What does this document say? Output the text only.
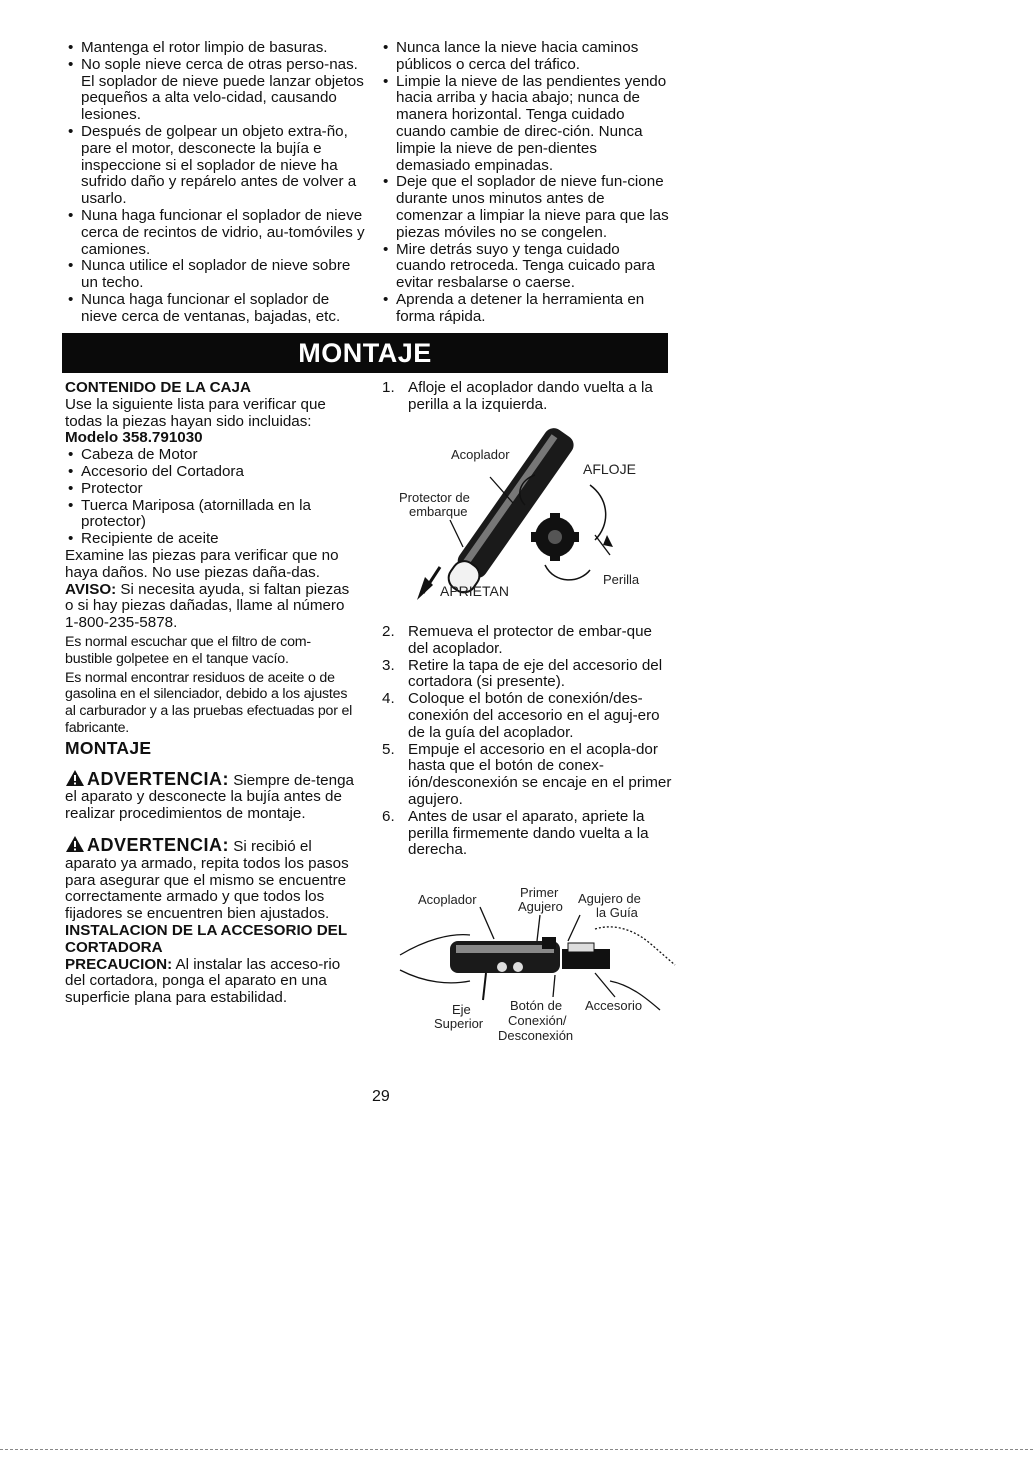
• Mantenga el rotor limpio de basuras.
• No sople nieve cerca de otras perso-nas. El soplador de nieve puede lanzar objetos pequeños a alta velo-cidad, causando lesiones.
• Después de golpear un objeto extra-ño, pare el motor, desconecte la bujía e inspeccione si el soplador de nieve ha sufrido daño y repárelo antes de volver a usarlo.
• Nuna haga funcionar el soplador de nieve cerca de recintos de vidrio, au-tomóviles y camiones.
• Nunca utilice el soplador de nieve sobre un techo.
• Nunca haga funcionar el soplador de nieve cerca de ventanas, bajadas, etc.
• Nunca lance la nieve hacia caminos públicos o cerca del tráfico.
• Limpie la nieve de las pendientes yendo hacia arriba y hacia abajo; nunca de manera horizontal. Tenga cuidado cuando cambie de direc-ción. Nunca limpie la nieve de pen-dientes demasiado empinadas.
• Deje que el soplador de nieve fun-cione durante unos minutos antes de comenzar a limpiar la nieve para que las piezas móviles no se congelen.
• Mire detrás suyo y tenga cuidado cuando retroceda. Tenga cuicado para evitar resbalarse o caerse.
• Aprenda a detener la herramienta en forma rápida.
MONTAJE
CONTENIDO DE LA CAJA

Use la siguiente lista para verificar que todas la piezas hayan sido incluidas:

Modelo 358.791030
• Cabeza de Motor
• Accesorio del Cortadora
• Protector
• Tuerca Mariposa (atornillada en la protector)
• Recipiente de aceite

Examine las piezas para verificar que no haya daños. No use piezas daña-das.

AVISO: Si necesita ayuda, si faltan piezas o si hay piezas dañadas, llame al número 1-800-235-5878.

Es normal escuchar que el filtro de com-bustible golpetee en el tanque vacío.

Es normal encontrar residuos de aceite o de gasolina en el silenciador, debido a los ajustes al carburador y a las pruebas efectuadas por el fabricante.

MONTAJE
ADVERTENCIA: Siempre de-tenga el aparato y desconecte la bujía antes de realizar procedimientos de montaje.
ADVERTENCIA: Si recibió el aparato ya armado, repita todos los pasos para asegurar que el mismo se encuentre correctamente armado y que todos los fijadores se encuentren bien ajustados.
INSTALACION DE LA ACCESORIO DEL CORTADORA

PRECAUCION: Al instalar las acceso-rio del cortadora, ponga el aparato en una superficie plana para estabilidad.

1. Afloje el acoplador dando vuelta a la perilla a la izquierda.
Acoplador
AFLOJE
Protector de
embarque
Perilla
APRIETAN
2. Remueva el protector de embar-que del acoplador.
3. Retire la tapa de eje del accesorio del cortadora (si presente).
4. Coloque el botón de conexión/des-conexión del accesorio en el aguj-ero de la guía del acoplador.
5. Empuje el accesorio en el acopla-dor hasta que el botón de conex-ión/desconexión se encaje en el primer agujero.
6. Antes de usar el aparato, apriete la perilla firmemente dando vuelta a la derecha.
Acoplador	Primer
Agujero
Agujero de
la Guía
Eje
Superior
Botón de
Conexión/
Desconexión
Accesorio
29
